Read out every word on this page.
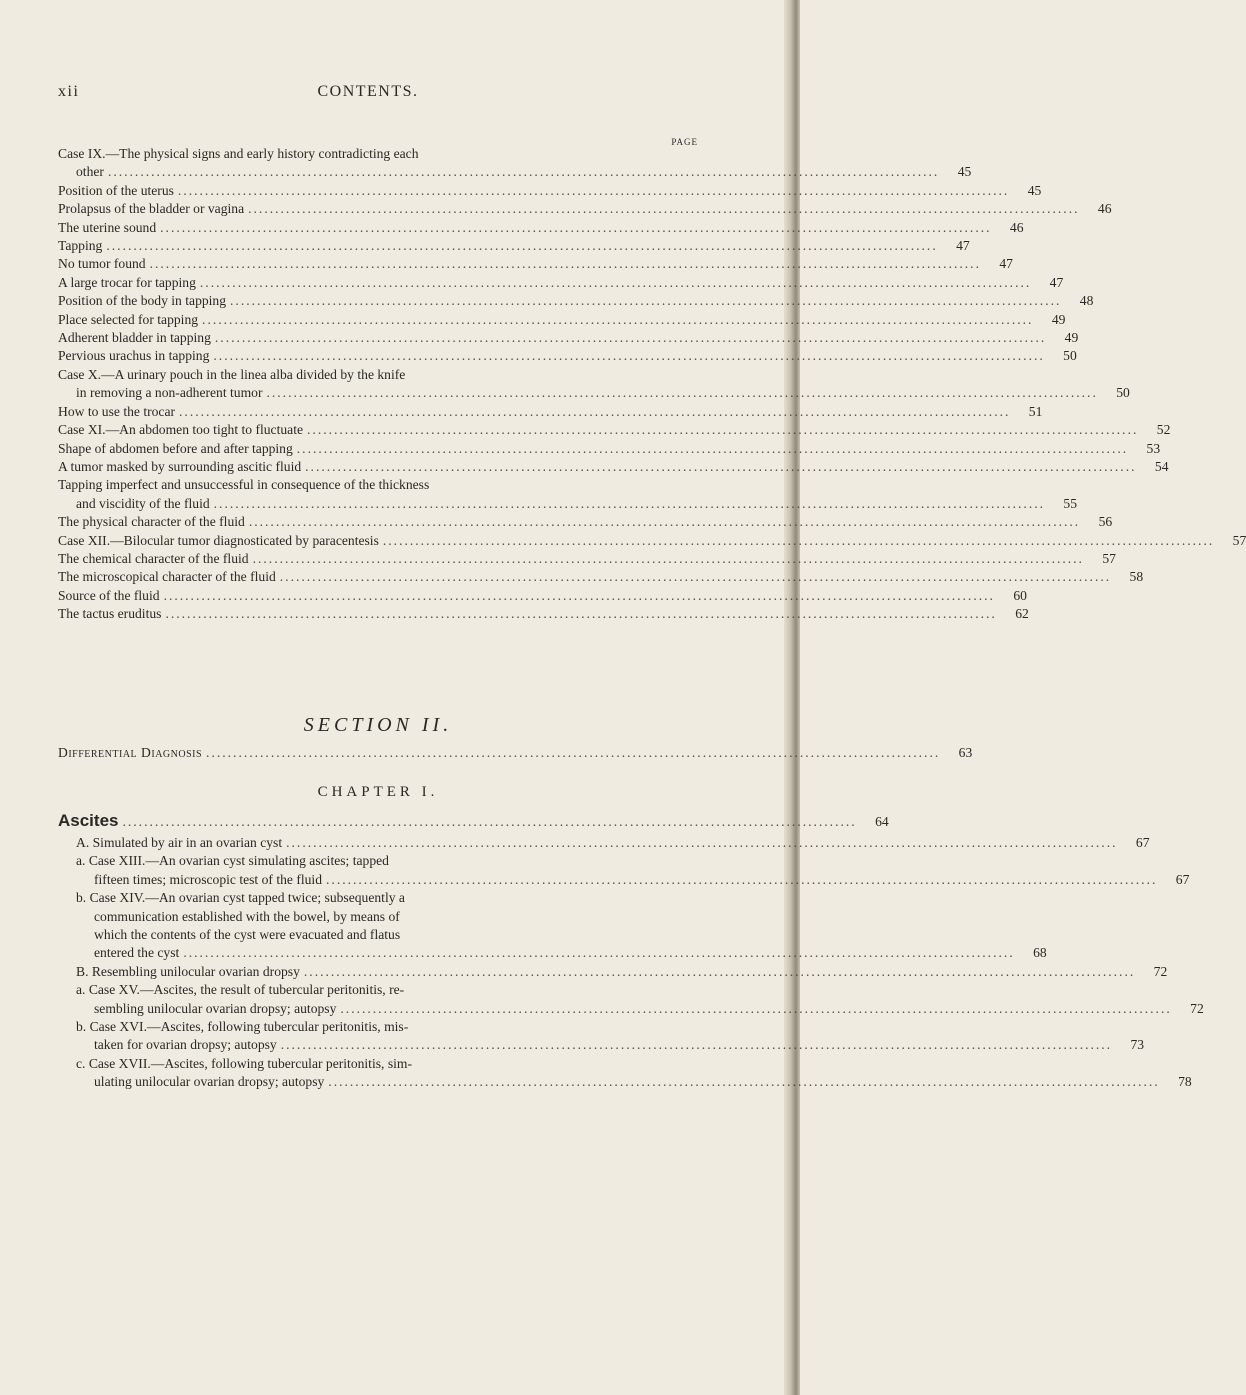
xii	CONTENTS.
PAGE
Case IX.—The physical signs and early history contradicting each
other ..........................................................................................................................................................	45
Position of the uterus ..........................................................................................................................................................	45
Prolapsus of the bladder or vagina ..........................................................................................................................................................	46
The uterine sound ..........................................................................................................................................................	46
Tapping ..........................................................................................................................................................	47
No tumor found ..........................................................................................................................................................	47
A large trocar for tapping ..........................................................................................................................................................	47
Position of the body in tapping ..........................................................................................................................................................	48
Place selected for tapping ..........................................................................................................................................................	49
Adherent bladder in tapping ..........................................................................................................................................................	49
Pervious urachus in tapping ..........................................................................................................................................................	50
Case X.—A urinary pouch in the linea alba divided by the knife
in removing a non-adherent tumor ..........................................................................................................................................................	50
How to use the trocar ..........................................................................................................................................................	51
Case XI.—An abdomen too tight to fluctuate ..........................................................................................................................................................	52
Shape of abdomen before and after tapping ..........................................................................................................................................................	53
A tumor masked by surrounding ascitic fluid ..........................................................................................................................................................	54
Tapping imperfect and unsuccessful in consequence of the thickness
and viscidity of the fluid ..........................................................................................................................................................	55
The physical character of the fluid ..........................................................................................................................................................	56
Case XII.—Bilocular tumor diagnosticated by paracentesis ..........................................................................................................................................................	57
The chemical character of the fluid ..........................................................................................................................................................	57
The microscopical character of the fluid ..........................................................................................................................................................	58
Source of the fluid ..........................................................................................................................................................	60
The tactus eruditus ..........................................................................................................................................................	62
SECTION II.
Differential Diagnosis ........................................................................................................................................	63
CHAPTER I.
Ascites ........................................................................................................................................	64
A. Simulated by air in an ovarian cyst ..........................................................................................................................................................	67
a. Case XIII.—An ovarian cyst simulating ascites; tapped
fifteen times; microscopic test of the fluid ..........................................................................................................................................................	67
b. Case XIV.—An ovarian cyst tapped twice; subsequently a
communication established with the bowel, by means of
which the contents of the cyst were evacuated and flatus
entered the cyst ..........................................................................................................................................................	68
B. Resembling unilocular ovarian dropsy ..........................................................................................................................................................	72
a. Case XV.—Ascites, the result of tubercular peritonitis, re-
sembling unilocular ovarian dropsy; autopsy ..........................................................................................................................................................	72
b. Case XVI.—Ascites, following tubercular peritonitis, mis-
taken for ovarian dropsy; autopsy ..........................................................................................................................................................	73
c. Case XVII.—Ascites, following tubercular peritonitis, sim-
ulating unilocular ovarian dropsy; autopsy ..........................................................................................................................................................	78
